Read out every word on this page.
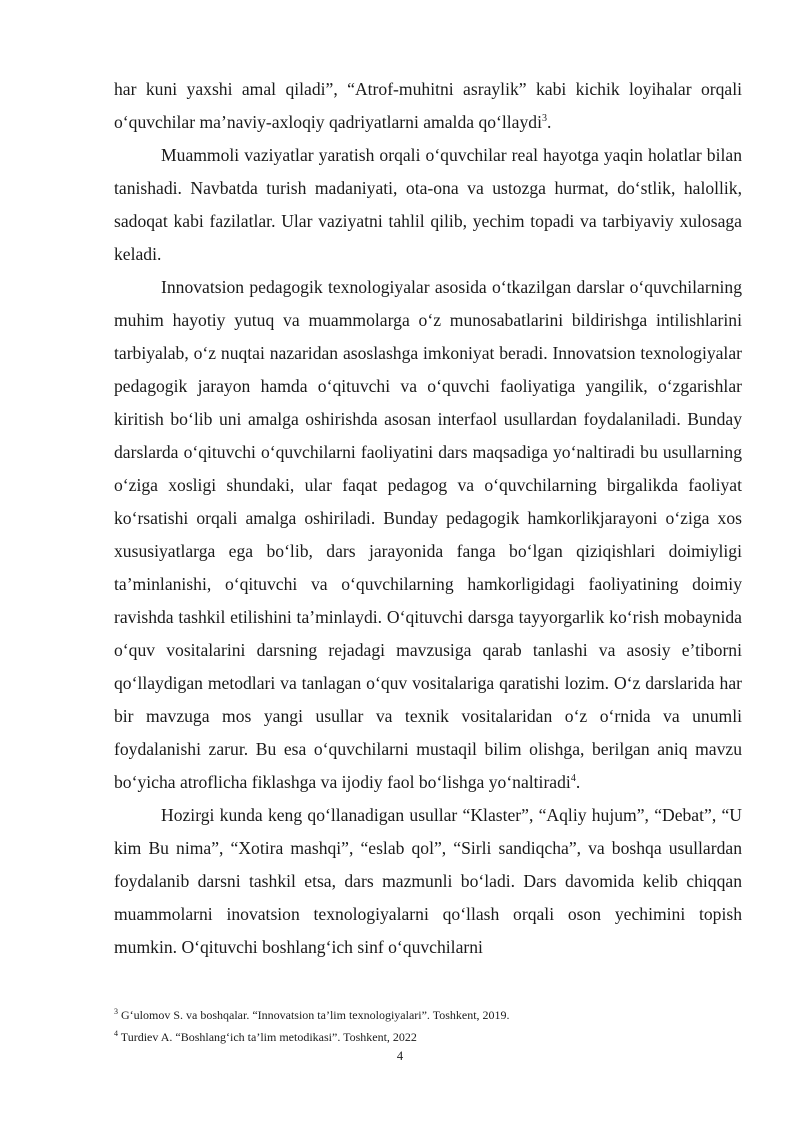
har kuni yaxshi amal qiladi”, “Atrof-muhitni asraylik” kabi kichik loyihalar orqali o‘quvchilar ma’naviy-axloqiy qadriyatlarni amalda qo‘llaydi$^3$.

Muammoli vaziyatlar yaratish orqali o‘quvchilar real hayotga yaqin holatlar bilan tanishadi. Navbatda turish madaniyati, ota-ona va ustozga hurmat, do‘stlik, halollik, sadoqat kabi fazilatlar. Ular vaziyatni tahlil qilib, yechim topadi va tarbiyaviy xulosaga keladi.

Innovatsion pedagogik texnologiyalar asosida o‘tkazilgan darslar o‘quvchilarning muhim hayotiy yutuq va muammolarga o‘z munosabatlarini bildirishga intilishlarini tarbiyalab, o‘z nuqtai nazaridan asoslashga imkoniyat beradi. Innovatsion texnologiyalar pedagogik jarayon hamda o‘qituvchi va o‘quvchi faoliyatiga yangilik, o‘zgarishlar kiritish bo‘lib uni amalga oshirishda asosan interfaol usullardan foydalaniladi. Bunday darslarda o‘qituvchi o‘quvchilarni faoliyatini dars maqsadiga yo‘naltiradi bu usullarning o‘ziga xosligi shundaki, ular faqat pedagog va o‘quvchilarning birgalikda faoliyat ko‘rsatishi orqali amalga oshiriladi. Bunday pedagogik hamkorlikjarayoni o‘ziga xos xususiyatlarga ega bo‘lib, dars jarayonida fanga bo‘lgan qiziqishlari doimiyligi ta’minlanishi, o‘qituvchi va o‘quvchilarning hamkorligidagi faoliyatining doimiy ravishda tashkil etilishini ta’minlaydi. O‘qituvchi darsga tayyorgarlik ko‘rish mobaynida o‘quv vositalarini darsning rejadagi mavzusiga qarab tanlashi va asosiy e’tiborni qo‘llaydigan metodlari va tanlagan o‘quv vositalariga qaratishi lozim. O‘z darslarida har bir mavzuga mos yangi usullar va texnik vositalaridan o‘z o‘rnida va unumli foydalanishi zarur. Bu esa o‘quvchilarni mustaqil bilim olishga, berilgan aniq mavzu bo‘yicha atroflicha fiklashga va ijodiy faol bo‘lishga yo‘naltiradi$^4$.

Hozirgi kunda keng qo‘llanadigan usullar “Klaster”, “Aqliy hujum”, “Debat”, “U kim Bu nima”, “Xotira mashqi”, “eslab qol”, “Sirli sandiqcha”, va boshqa usullardan foydalanib darsni tashkil etsa, dars mazmunli bo‘ladi. Dars davomida kelib chiqqan muammolarni inovatsion texnologiyalarni qo‘llash orqali oson yechimini topish mumkin. O‘qituvchi boshlang‘ich sinf o‘quvchilarni

$^3$ G‘ulomov S. va boshqalar. “Innovatsion ta’lim texnologiyalari”. Toshkent, 2019.
$^4$ Turdiev A. “Boshlang‘ich ta’lim metodikasi”. Toshkent, 2022
4
